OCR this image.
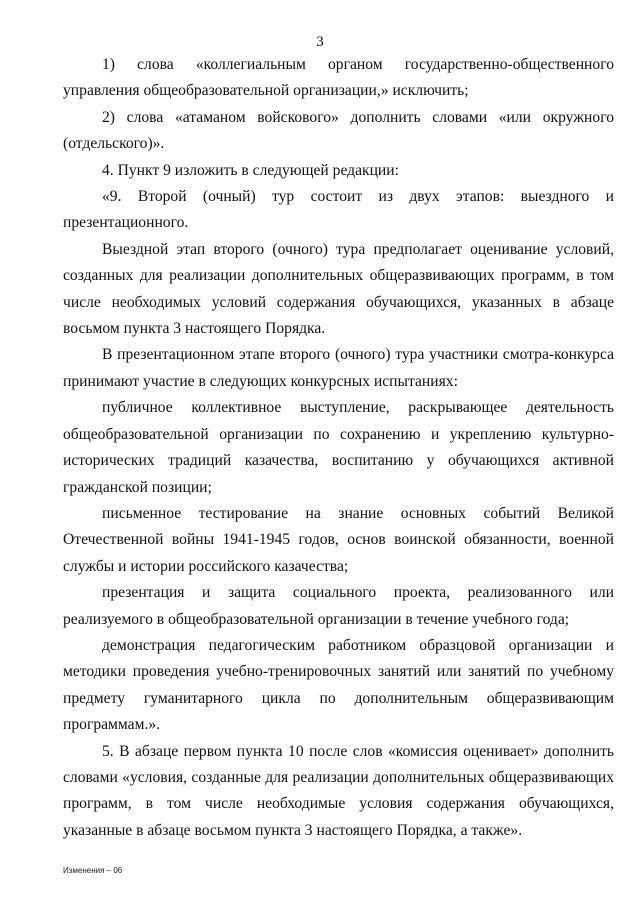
3

1) слова «коллегиальным органом государственно-общественного управления общеобразовательной организации,» исключить;

2) слова «атаманом войскового» дополнить словами «или окружного (отдельского)».

4. Пункт 9 изложить в следующей редакции:

«9. Второй (очный) тур состоит из двух этапов: выездного и презентационного.

Выездной этап второго (очного) тура предполагает оценивание условий, созданных для реализации дополнительных общеразвивающих программ, в том числе необходимых условий содержания обучающихся, указанных в абзаце восьмом пункта 3 настоящего Порядка.

В презентационном этапе второго (очного) тура участники смотра-конкурса принимают участие в следующих конкурсных испытаниях:

публичное коллективное выступление, раскрывающее деятельность общеобразовательной организации по сохранению и укреплению культурно-исторических традиций казачества, воспитанию у обучающихся активной гражданской позиции;

письменное тестирование на знание основных событий Великой Отечественной войны 1941-1945 годов, основ воинской обязанности, военной службы и истории российского казачества;

презентация и защита социального проекта, реализованного или реализуемого в общеобразовательной организации в течение учебного года;

демонстрация педагогическим работником образцовой организации и методики проведения учебно-тренировочных занятий или занятий по учебному предмету гуманитарного цикла по дополнительным общеразвивающим программам.».

5. В абзаце первом пункта 10 после слов «комиссия оценивает» дополнить словами «условия, созданные для реализации дополнительных общеразвивающих программ, в том числе необходимые условия содержания обучающихся, указанные в абзаце восьмом пункта 3 настоящего Порядка, а также».

Изменения – 06
